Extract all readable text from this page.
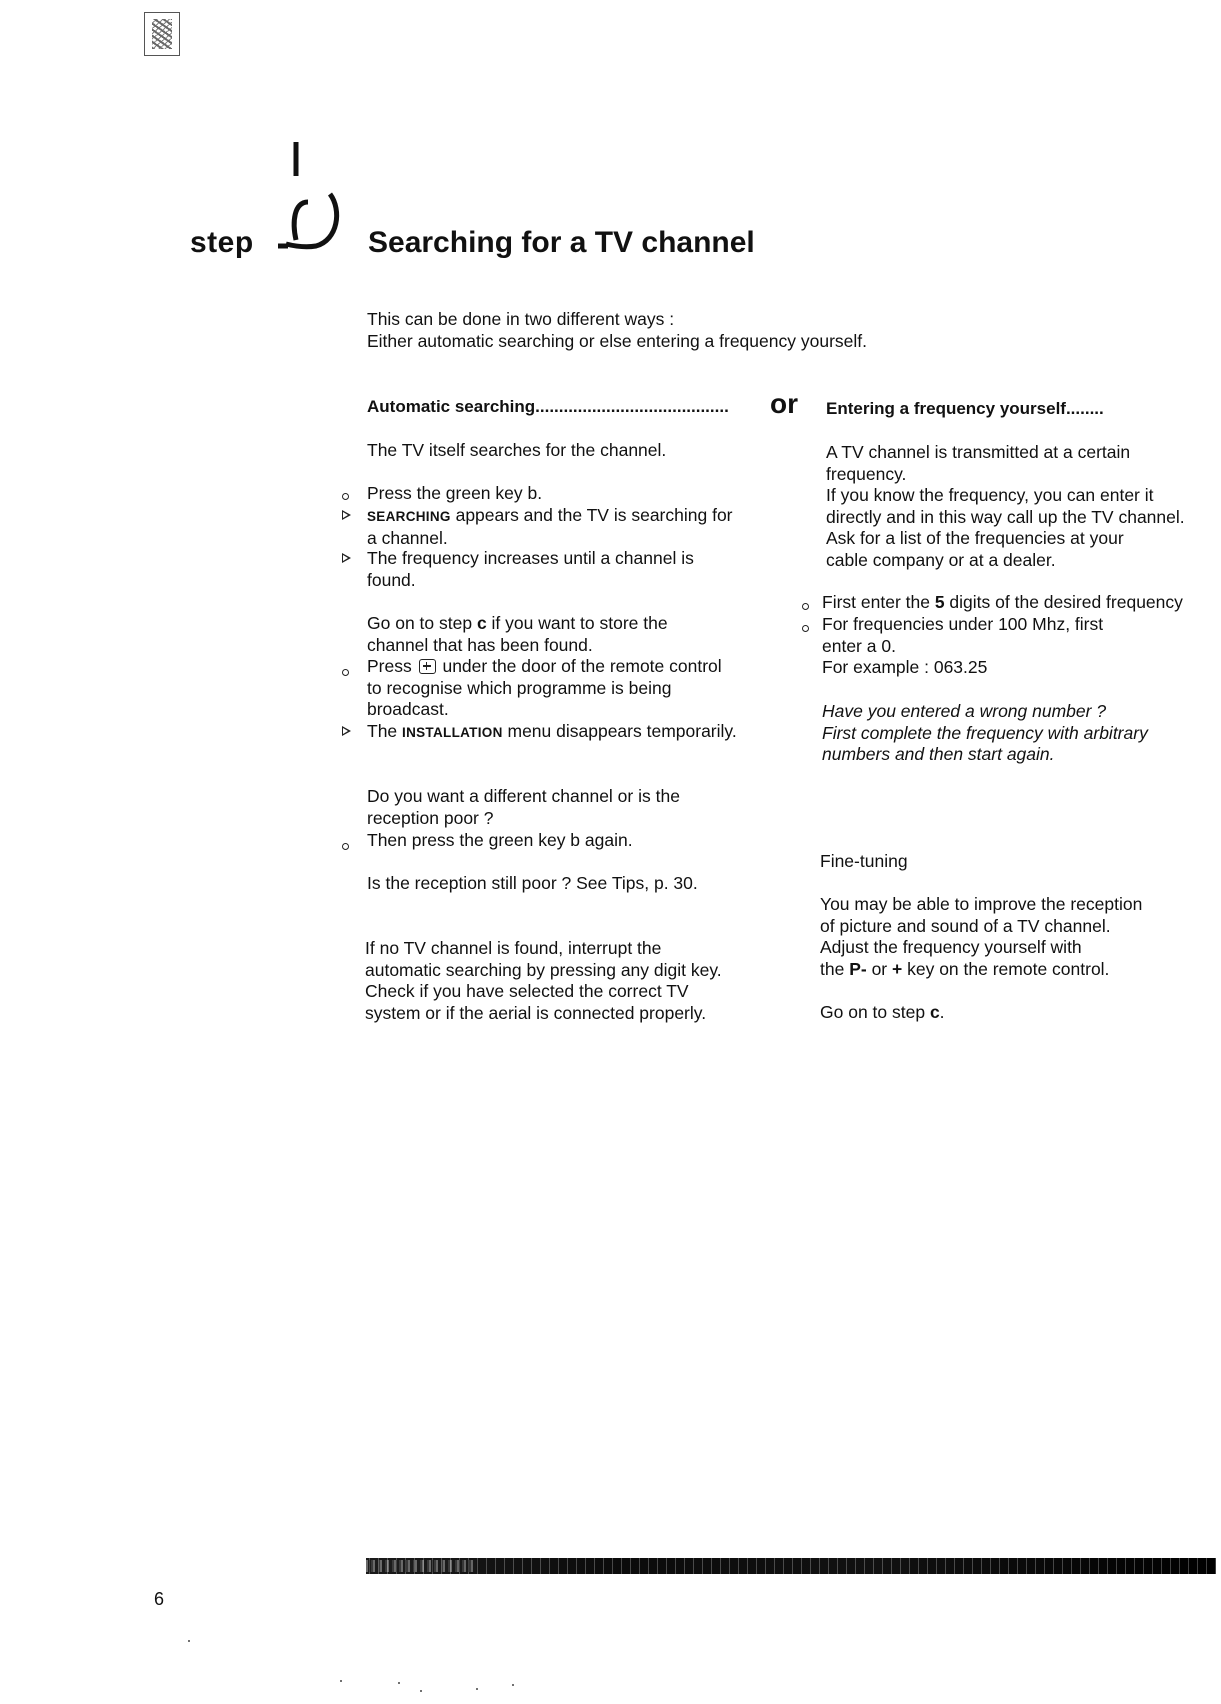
step	Searching for a TV channel
This can be done in two different ways :
Either automatic searching or else entering a frequency yourself.
Automatic searching......................................... or Entering a frequency yourself........
The TV itself searches for the channel.
Press the green key b.
SEARCHING appears and the TV is searching for
a channel.
The frequency increases until a channel is
found.
Go on to step c if you want to store the
channel that has been found.
Press  under the door of the remote control
to recognise which programme is being
broadcast.
The INSTALLATION menu disappears temporarily.
Do you want a different channel or is the
reception poor ?
Then press the green key b again.
Is the reception still poor ? See Tips, p. 30.
If no TV channel is found, interrupt the
automatic searching by pressing any digit key.
Check if you have selected the correct TV
system or if the aerial is connected properly.
A TV channel is transmitted at a certain
frequency.
If you know the frequency, you can enter it
directly and in this way call up the TV channel.
Ask for a list of the frequencies at your
cable company or at a dealer.
First enter the 5 digits of the desired frequency
For frequencies under 100 Mhz, first
enter a 0.
For example : 063.25
Have you entered a wrong number ?
First complete the frequency with arbitrary
numbers and then start again.
Fine-tuning
You may be able to improve the reception
of picture and sound of a TV channel.
Adjust the frequency yourself with
the P- or + key on the remote control.
Go on to step c.
6
